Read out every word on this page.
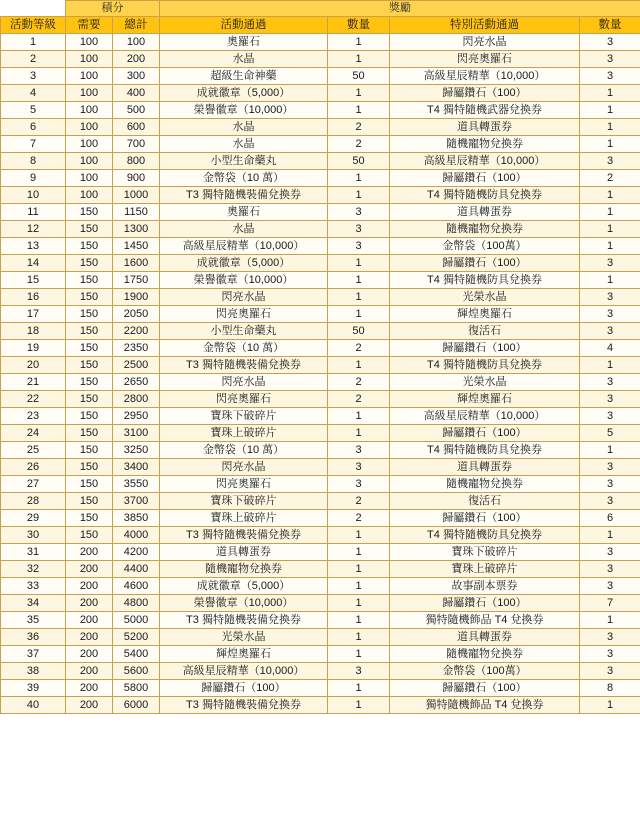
	積分		獎勵			
活動等級	需要	總計	活動通過	數量	特別活動通過	數量
1	100	100	奧羅石	1	閃亮水晶	3
2	100	200	水晶	1	閃亮奧羅石	3
3	100	300	超級生命神藥	50	高級星辰精華（10,000）	3
4	100	400	成就徽章（5,000）	1	歸屬鑽石（100）	1
5	100	500	榮譽徽章（10,000）	1	T4 獨特隨機武器兌換券	1
6	100	600	水晶	2	道具轉蛋券	1
7	100	700	水晶	2	隨機寵物兌換券	1
8	100	800	小型生命藥丸	50	高級星辰精華（10,000）	3
9	100	900	金幣袋（10 萬）	1	歸屬鑽石（100）	2
10	100	1000	T3 獨特隨機裝備兌換券	1	T4 獨特隨機防具兌換券	1
11	150	1150	奧羅石	3	道具轉蛋券	1
12	150	1300	水晶	3	隨機寵物兌換券	1
13	150	1450	高級星辰精華（10,000）	3	金幣袋（100萬）	1
14	150	1600	成就徽章（5,000）	1	歸屬鑽石（100）	3
15	150	1750	榮譽徽章（10,000）	1	T4 獨特隨機防具兌換券	1
16	150	1900	閃亮水晶	1	光榮水晶	3
17	150	2050	閃亮奧羅石	1	輝煌奧羅石	3
18	150	2200	小型生命藥丸	50	復活石	3
19	150	2350	金幣袋（10 萬）	2	歸屬鑽石（100）	4
20	150	2500	T3 獨特隨機裝備兌換券	1	T4 獨特隨機防具兌換券	1
21	150	2650	閃亮水晶	2	光榮水晶	3
22	150	2800	閃亮奧羅石	2	輝煌奧羅石	3
23	150	2950	寶珠下破碎片	1	高級星辰精華（10,000）	3
24	150	3100	寶珠上破碎片	1	歸屬鑽石（100）	5
25	150	3250	金幣袋（10 萬）	3	T4 獨特隨機防具兌換券	1
26	150	3400	閃亮水晶	3	道具轉蛋券	3
27	150	3550	閃亮奧羅石	3	隨機寵物兌換券	3
28	150	3700	寶珠下破碎片	2	復活石	3
29	150	3850	寶珠上破碎片	2	歸屬鑽石（100）	6
30	150	4000	T3 獨特隨機裝備兌換券	1	T4 獨特隨機防具兌換券	1
31	200	4200	道具轉蛋券	1	寶珠下破碎片	3
32	200	4400	隨機寵物兌換券	1	寶珠上破碎片	3
33	200	4600	成就徽章（5,000）	1	故事副本票券	3
34	200	4800	榮譽徽章（10,000）	1	歸屬鑽石（100）	7
35	200	5000	T3 獨特隨機裝備兌換券	1	獨特隨機飾品 T4 兌換券	1
36	200	5200	光榮水晶	1	道具轉蛋券	3
37	200	5400	輝煌奧羅石	1	隨機寵物兌換券	3
38	200	5600	高級星辰精華（10,000）	3	金幣袋（100萬）	3
39	200	5800	歸屬鑽石（100）	1	歸屬鑽石（100）	8
40	200	6000	T3 獨特隨機裝備兌換券	1	獨特隨機飾品 T4 兌換券	1
